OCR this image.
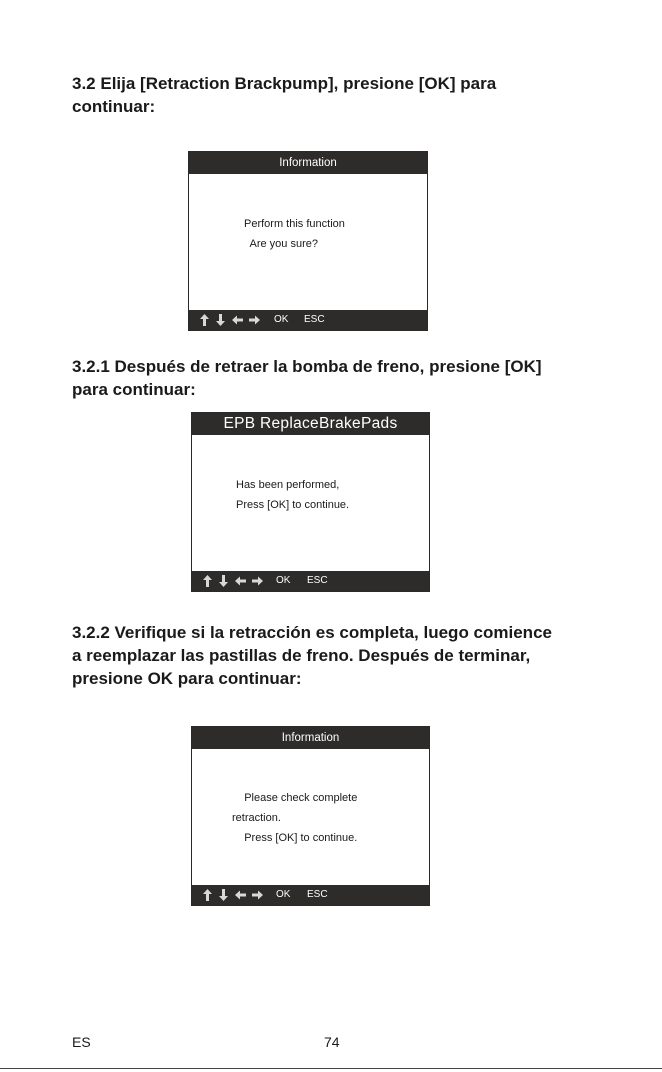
3.2 Elija [Retraction Brackpump], presione [OK] para
continuar:
Information
Perform this function
Are you sure?

OK ESC
3.2.1 Después de retraer la bomba de freno, presione [OK]
para continuar:
EPB ReplaceBrakePads
Has been performed,
Press [OK] to continue.

OK ESC
3.2.2 Verifique si la retracción es completa, luego comience
a reemplazar las pastillas de freno. Después de terminar,
presione OK para continuar:
Information
Please check complete
retraction.
Press [OK] to continue.

OK ESC
ES	74
